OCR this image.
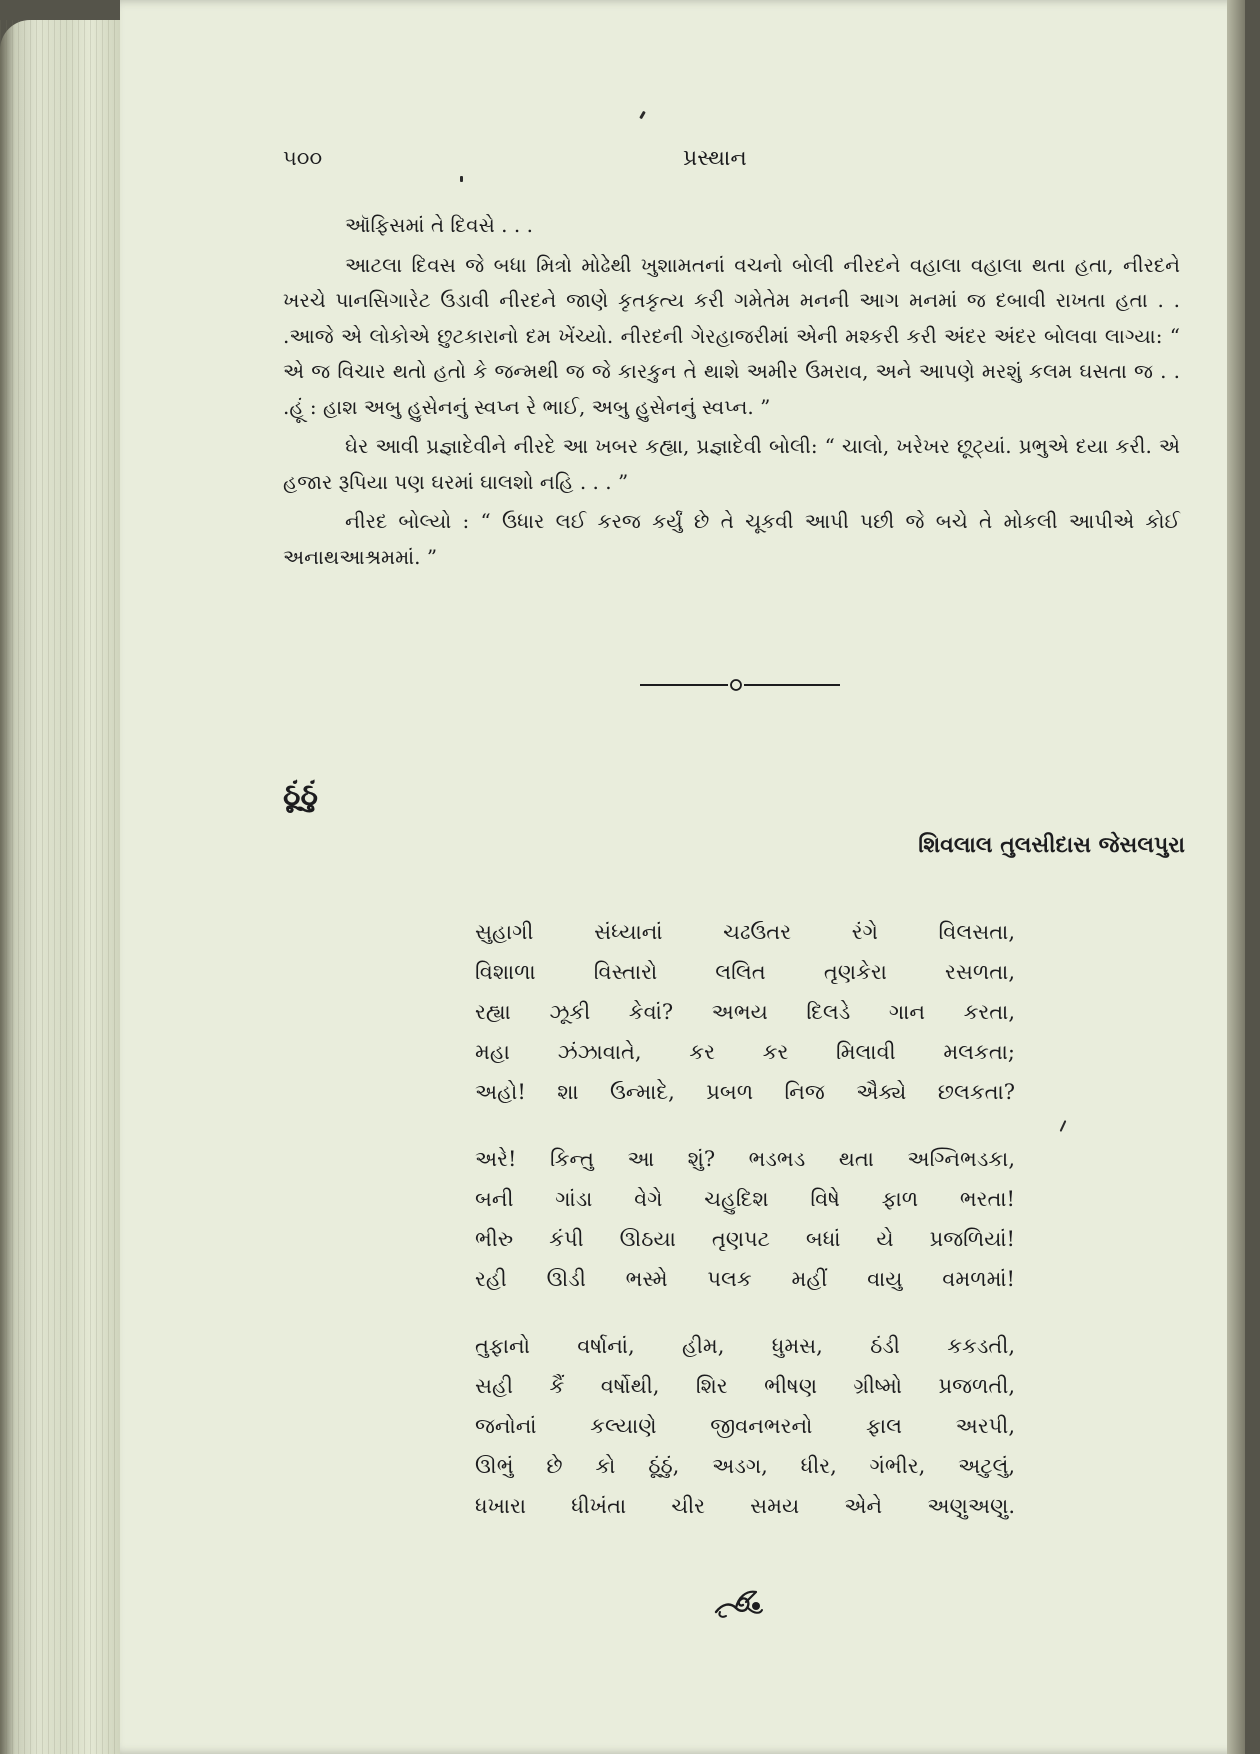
૫૦૦	પ્રસ્થાન

ઑફિસમાં તે દિવસે . . .

આટલા દિવસ જે બધા મિત્રો મોઢેથી ખુશામતનાં વચનો બોલી નીરદને વહાલા વહાલા થતા હતા, નીરદને ખરચે પાનસિગારેટ ઉડાવી નીરદને જાણે કૃતકૃત્ય કરી ગમેતેમ મનની આગ મનમાં જ દબાવી રાખતા હતા . . .આજે એ લોકોએ છુટકારાનો દમ ખેંચ્યો. નીરદની ગેરહાજરીમાં એની મશ્કરી કરી અંદર અંદર બોલવા લાગ્યા: “ એ જ વિચાર થતો હતો કે જન્મથી જ જે કારકુન તે થાશે અમીર ઉમરાવ, અને આપણે મરશું કલમ ઘસતા જ . . .હૂં : હાશ અબુ હુસેનનું સ્વપ્ન રે ભાઈ, અબુ હુસેનનું સ્વપ્ન. ”

ઘેર આવી પ્રજ્ઞાદેવીને નીરદે આ ખબર કહ્યા, પ્રજ્ઞાદેવી બોલી: “ ચાલો, ખરેખર છૂટ્યાં. પ્રભુએ દયા કરી. એ હજાર રૂપિયા પણ ઘરમાં ઘાલશો નહિ . . . ”

નીરદ બોલ્યો : “ ઉધાર લઈ કરજ કર્યું છે તે ચૂકવી આપી પછી જે બચે તે મોકલી આપીએ કોઈ અનાથઆશ્રમમાં. ”

ઠૂંઠું
શિવલાલ તુલસીદાસ જેસલપુરા
સુહાગી સંધ્યાનાં ચઢઉતર રંગે વિલસતા,
વિશાળા વિસ્તારો લલિત તૃણકેરા રસળતા,
રહ્યા ઝૂકી કેવાં? અભય દિલડે ગાન કરતા,
મહા ઝંઝાવાતે, કર કર મિલાવી મલકતા;
અહો! શા ઉન્માદે, પ્રબળ નિજ ઐક્યે છલકતા?
અરે! કિન્તુ આ શું? ભડભડ થતા અગ્નિભડકા,
બની ગાંડા વેગે ચહુદિશ વિષે ફાળ ભરતા!
ભીરુ કંપી ઊઠયા તૃણપટ બધાં યે પ્રજળિયાં!
રહી ઊડી ભસ્મે પલક મહીં વાયુ વમળમાં!
તુફાનો વર્ષાનાં, હીમ, ધુમસ, ઠંડી કકડતી,
સહી કૈં વર્ષોથી, શિર ભીષણ ગ્રીષ્મો પ્રજળતી,
જનોનાં કલ્યાણે જીવનભરનો ફાલ અરપી,
ઊભું છે કો ઠૂંઠું, અડગ, ધીર, ગંભીર, અટુલું,
ધખારા ધીખંતા ચીર સમય એને અણુઅણુ.
